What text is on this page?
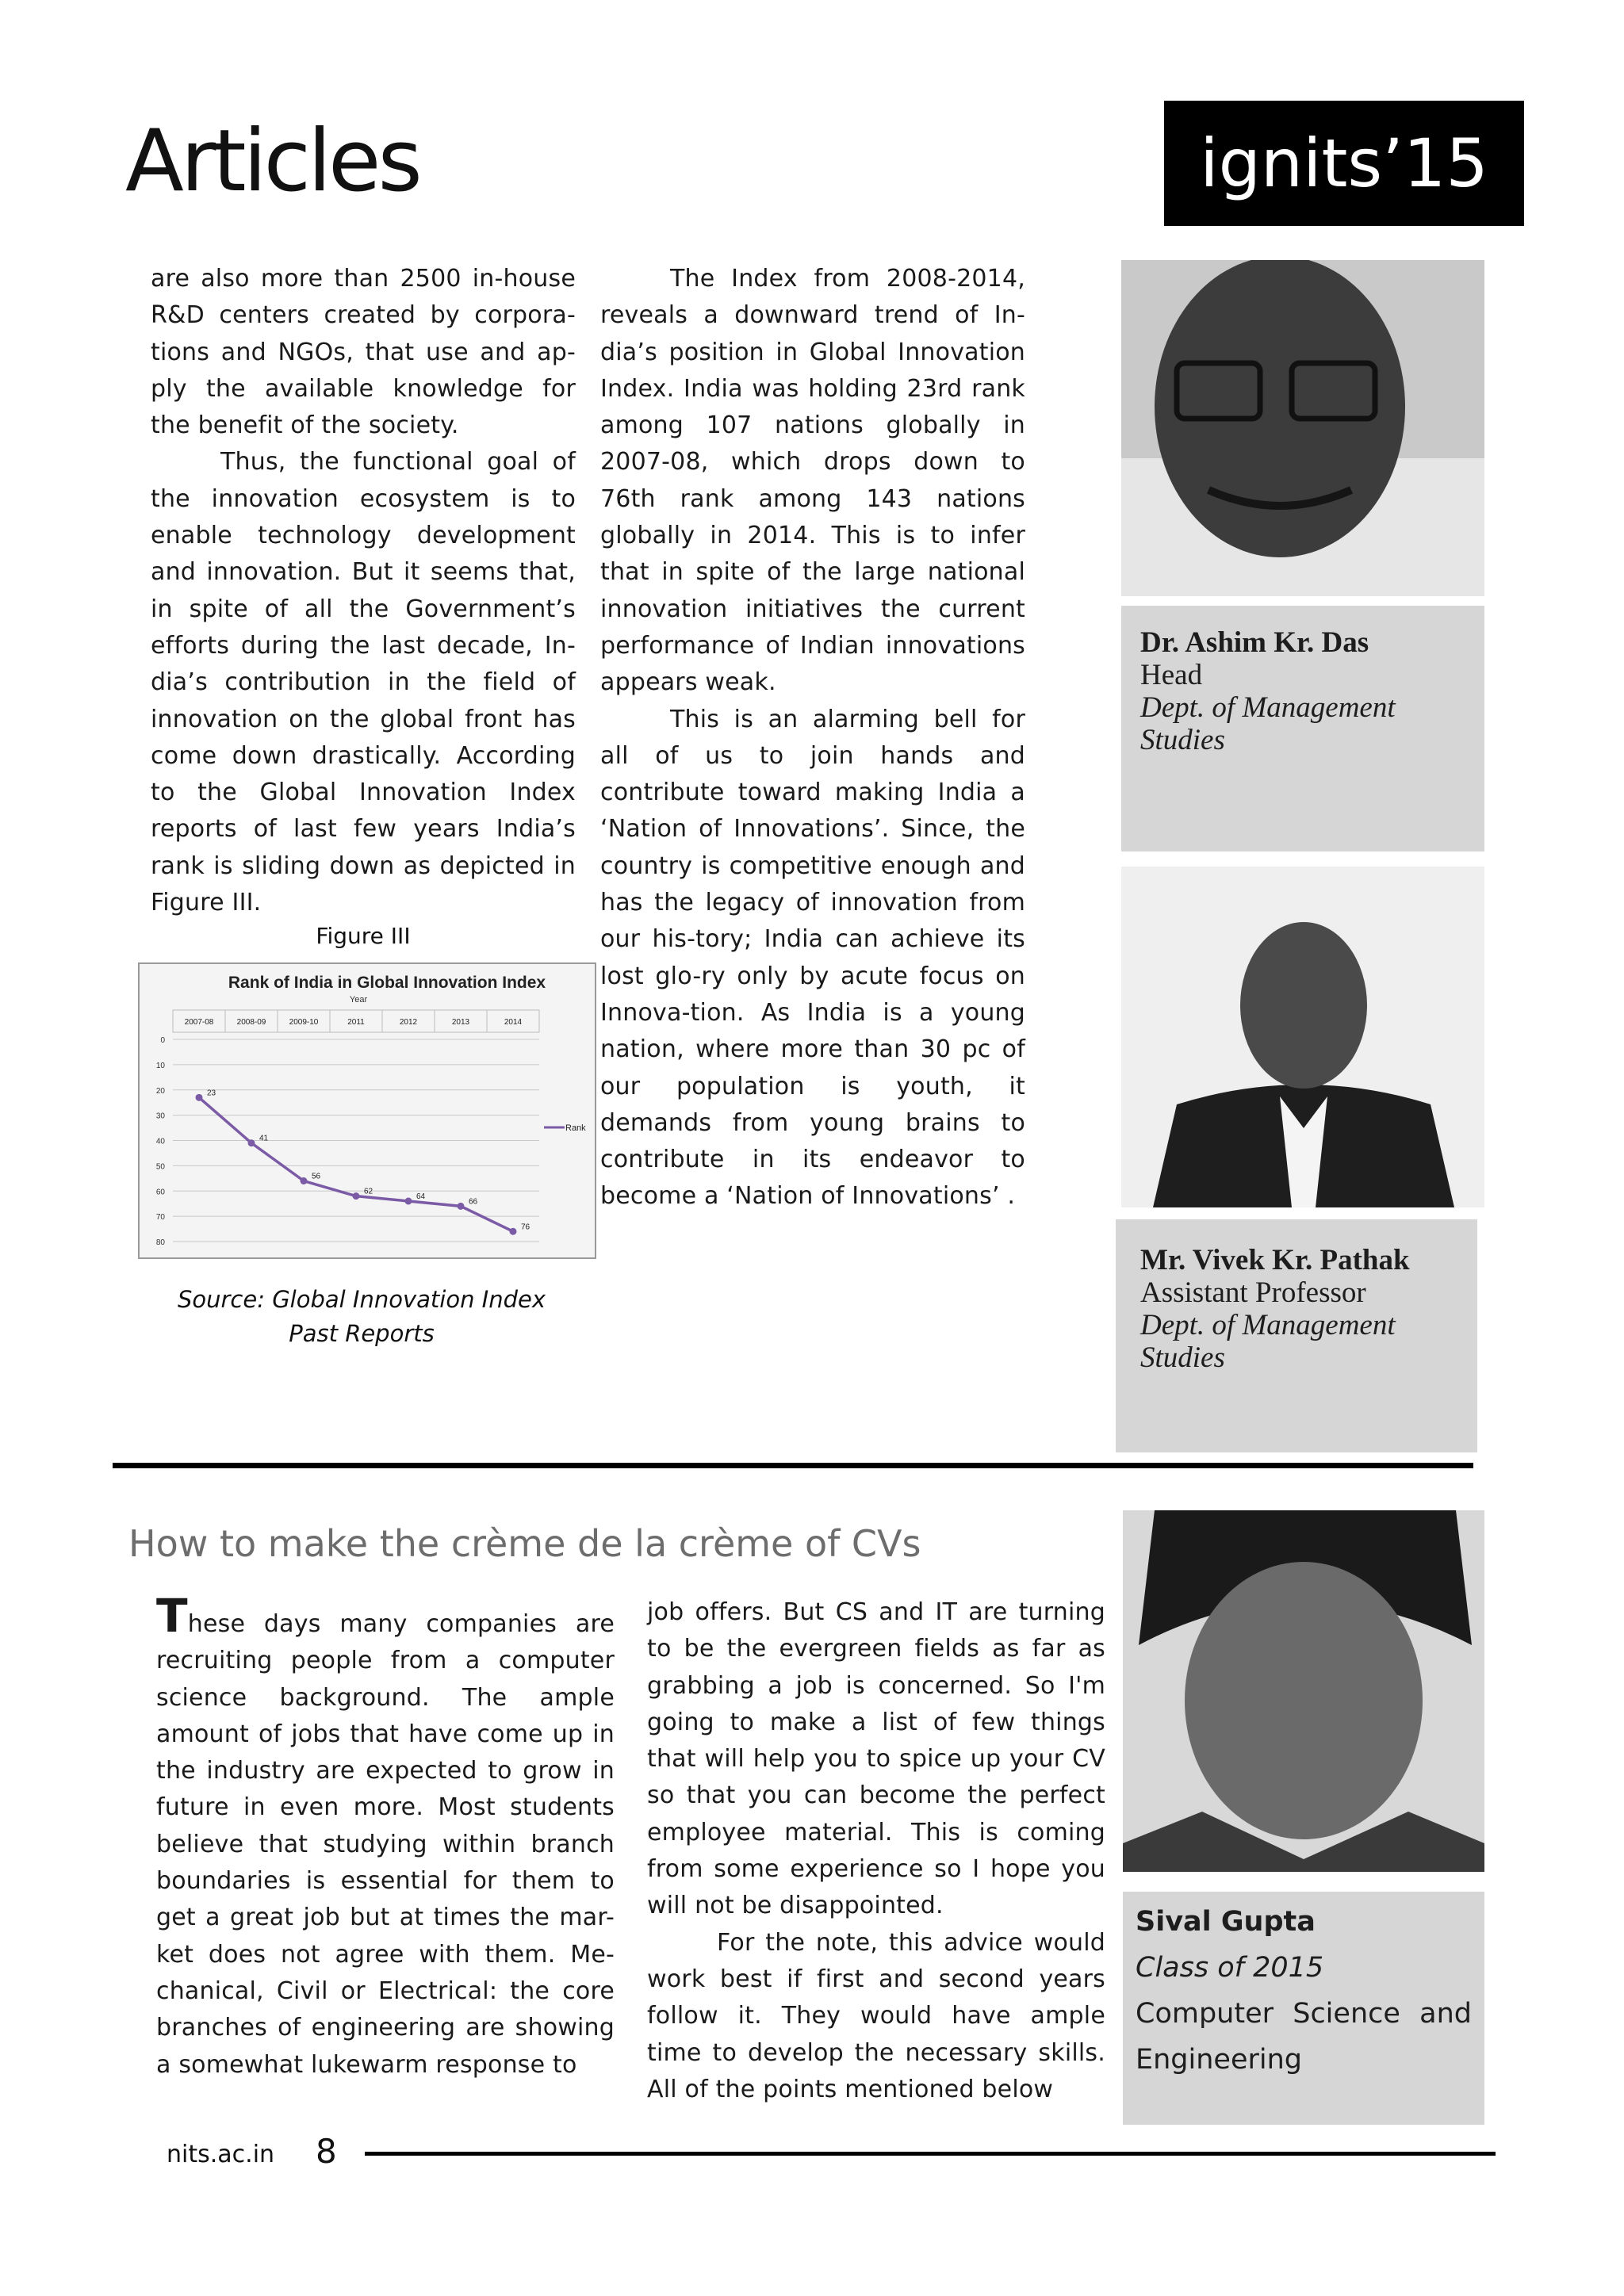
Articles	ignits’15

are also more than 2500 in-house R&D centers created by corpora-tions and NGOs, that use and ap-ply the available knowledge for the benefit of the society.

Thus, the functional goal of the innovation ecosystem is to enable technology development and innovation. But it seems that, in spite of all the Government’s efforts during the last decade, In-dia’s contribution in the field of innovation on the global front has come down drastically. According to the Global Innovation Index reports of last few years India’s rank is sliding down as depicted in Figure III.

Figure III
Rank of India in Global Innovation Index
Year
2007-08	2008-09	2009-10	2011	2012	2013	2014
0
10
20
30
40
50
60
70
80
23
41
56
62
64
66
76
Rank
Source: Global Innovation Index Past Reports

The Index from 2008-2014, reveals a downward trend of In-dia’s position in Global Innovation Index. India was holding 23rd rank among 107 nations globally in 2007-08, which drops down to 76th rank among 143 nations globally in 2014. This is to infer that in spite of the large national innovation initiatives the current performance of Indian innovations appears weak.

This is an alarming bell for all of us to join hands and contribute toward making India a ‘Nation of Innovations’. Since, the country is competitive enough and has the legacy of innovation from our his-tory; India can achieve its lost glo-ry only by acute focus on Innova-tion. As India is a young nation, where more than 30 pc of our population is youth, it demands from young brains to contribute in its endeavor to become a ‘Nation of Innovations’ .

Dr. Ashim Kr. Das
Head
Dept. of Management Studies
Mr. Vivek Kr. Pathak
Assistant Professor
Dept. of Management Studies
How to make the crème de la crème of CVs

These days many companies are recruiting people from a computer science background. The ample amount of jobs that have come up in the industry are expected to grow in future in even more. Most students believe that studying within branch boundaries is essential for them to get a great job but at times the mar-ket does not agree with them. Me-chanical, Civil or Electrical: the core branches of engineering are showing a somewhat lukewarm response to

job offers. But CS and IT are turning to be the evergreen fields as far as grabbing a job is concerned. So I'm going to make a list of few things that will help you to spice up your CV so that you can become the perfect employee material. This is coming from some experience so I hope you will not be disappointed.

For the note, this advice would work best if first and second years follow it. They would have ample time to develop the necessary skills. All of the points mentioned below

Sival Gupta
Class of 2015
Computer Science and Engineering
nits.ac.in 8
